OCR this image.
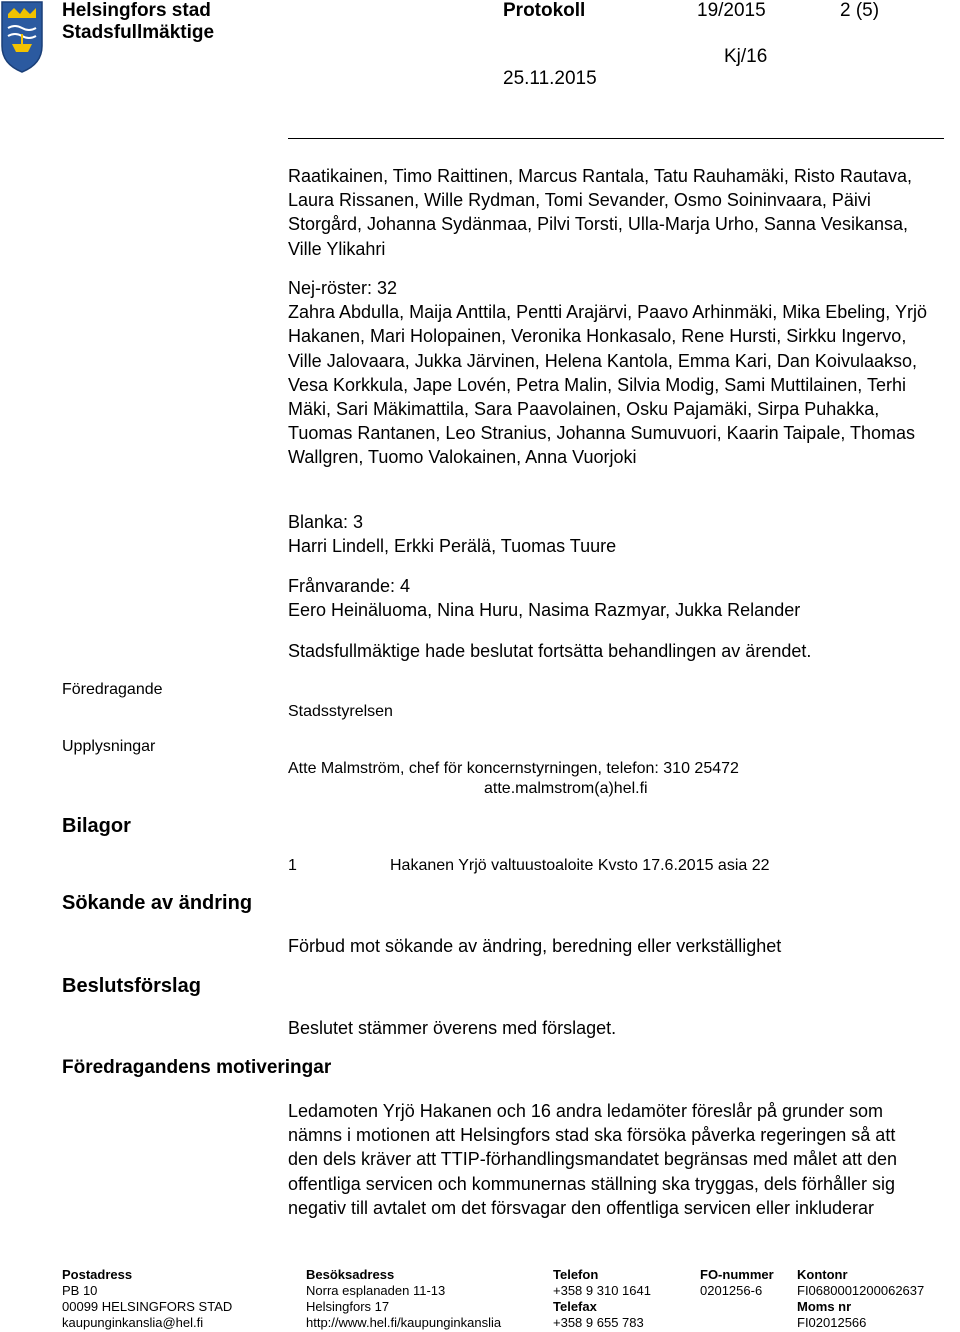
Helsingfors stad
Stadsfullmäktige
Protokoll	19/2015	2 (5)
Kj/16
25.11.2015

Raatikainen, Timo Raittinen, Marcus Rantala, Tatu Rauhamäki, Risto Rautava, Laura Rissanen, Wille Rydman, Tomi Sevander, Osmo Soininvaara, Päivi Storgård, Johanna Sydänmaa, Pilvi Torsti, Ulla-Marja Urho, Sanna Vesikansa, Ville Ylikahri

Nej-röster: 32

Zahra Abdulla, Maija Anttila, Pentti Arajärvi, Paavo Arhinmäki, Mika Ebeling, Yrjö Hakanen, Mari Holopainen, Veronika Honkasalo, Rene Hursti, Sirkku Ingervo, Ville Jalovaara, Jukka Järvinen, Helena Kantola, Emma Kari, Dan Koivulaakso, Vesa Korkkula, Jape Lovén, Petra Malin, Silvia Modig, Sami Muttilainen, Terhi Mäki, Sari Mäkimattila, Sara Paavolainen, Osku Pajamäki, Sirpa Puhakka, Tuomas Rantanen, Leo Stranius, Johanna Sumuvuori, Kaarin Taipale, Thomas Wallgren, Tuomo Valokainen, Anna Vuorjoki

Blanka: 3

Harri Lindell, Erkki Perälä, Tuomas Tuure

Frånvarande: 4

Eero Heinäluoma, Nina Huru, Nasima Razmyar, Jukka Relander

Stadsfullmäktige hade beslutat fortsätta behandlingen av ärendet.
Föredragande
Stadsstyrelsen
Upplysningar
Atte Malmström, chef för koncernstyrningen, telefon: 310 25472
atte.malmstrom(a)hel.fi
Bilagor
1	Hakanen Yrjö valtuustoaloite Kvsto 17.6.2015 asia 22
Sökande av ändring
Förbud mot sökande av ändring, beredning eller verkställighet
Beslutsförslag
Beslutet stämmer överens med förslaget.
Föredragandens motiveringar
Ledamoten Yrjö Hakanen och 16 andra ledamöter föreslår på grunder som nämns i motionen att Helsingfors stad ska försöka påverka regeringen så att den dels kräver att TTIP-förhandlingsmandatet begränsas med målet att den offentliga servicen och kommunernas ställning ska tryggas, dels förhåller sig negativ till avtalet om det försvagar den offentliga servicen eller inkluderar
Postadress
PB 10
00099 HELSINGFORS STAD
kaupunginkanslia@hel.fi
Besöksadress
Norra esplanaden 11-13
Helsingfors 17
http://www.hel.fi/kaupunginkanslia
Telefon
+358 9 310 1641
Telefax
+358 9 655 783
FO-nummer
0201256-6
Kontonr
FI0680001200062637
Moms nr
FI02012566
